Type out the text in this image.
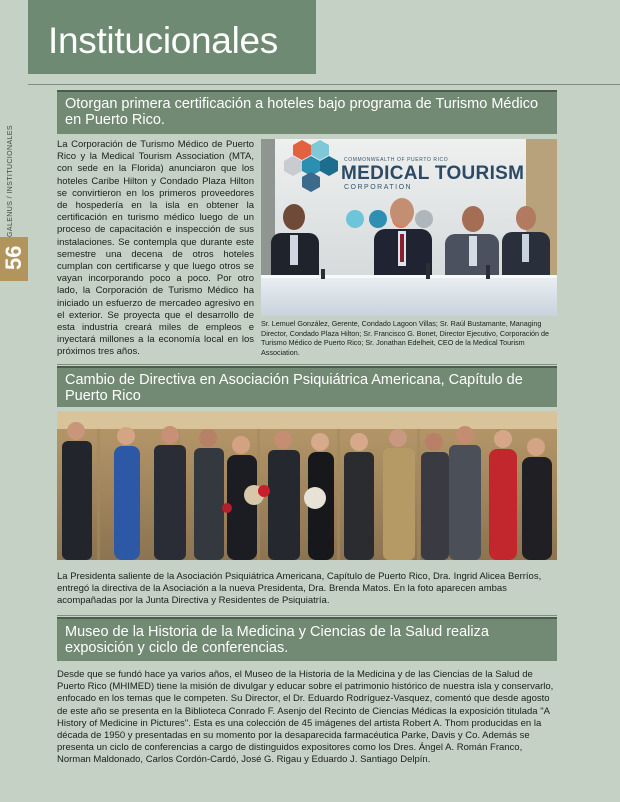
GALENUS / INSTITUCIONALES
56
Institucionales
Otorgan primera certificación a hoteles bajo programa de Turismo Médico en Puerto Rico.
La Corporación de Turismo Médico de Puerto Rico y la Medical Tourism Association (MTA, con sede en la Florida) anunciaron que los hoteles Caribe Hilton y Condado Plaza Hilton se convirtieron en los primeros proveedores de hospedería en la isla en obtener la certificación en turismo médico luego de un proceso de capacitación e inspección de sus instalaciones. Se contempla que durante este semestre una decena de otros hoteles cumplan con certificarse y que luego otros se vayan incorporando poco a poco. Por otro lado, la Corporación de Turismo Médico ha iniciado un esfuerzo de mercadeo agresivo en el exterior. Se proyecta que el desarrollo de esta industria creará miles de empleos e inyectará millones a la economía local en los próximos tres años.
COMMONWEALTH OF PUERTO RICO
MEDICAL TOURISM
CORPORATION
Sr. Lemuel González, Gerente, Condado Lagoon Villas; Sr. Raúl Bustamante, Managing Director, Condado Plaza Hilton; Sr. Francisco G. Bonet, Director Ejecutivo, Corporación de Turismo Médico de Puerto Rico; Sr. Jonathan Edelheit, CEO de la Medical Tourism Association.
Cambio de Directiva en Asociación Psiquiátrica Americana, Capítulo de Puerto Rico
La Presidenta saliente de la Asociación Psiquiátrica Americana, Capítulo de Puerto Rico, Dra. Ingrid Alicea Berríos, entregó la directiva de la Asociación a la nueva Presidenta, Dra. Brenda Matos. En la foto aparecen ambas acompañadas por la Junta Directiva y Residentes de Psiquiatría.
Museo de la Historia de la Medicina y Ciencias de la Salud realiza exposición y ciclo de conferencias.
Desde que se fundó hace ya varios años, el Museo de la Historia de la Medicina y de las Ciencias de la Salud de Puerto Rico (MHIMED) tiene la misión de divulgar y educar sobre el patrimonio histórico de nuestra isla y conservarlo, enfocado en los temas que le competen. Su Director, el Dr. Eduardo Rodríguez-Vasquez, comentó que desde agosto de este año se presenta en la Biblioteca Conrado F. Asenjo del Recinto de Ciencias Médicas la exposición titulada "A History of Medicine in Pictures". Esta es una colección de 45 imágenes del artista Robert A. Thom producidas en la década de 1950 y presentadas en su momento por la desaparecida farmacéutica Parke, Davis y Co. Además se presenta un ciclo de conferencias a cargo de distinguidos expositores como los Dres. Ángel A. Román Franco, Norman Maldonado, Carlos Cordón-Cardó, José G. Rigau y Eduardo J. Santiago Delpín.
